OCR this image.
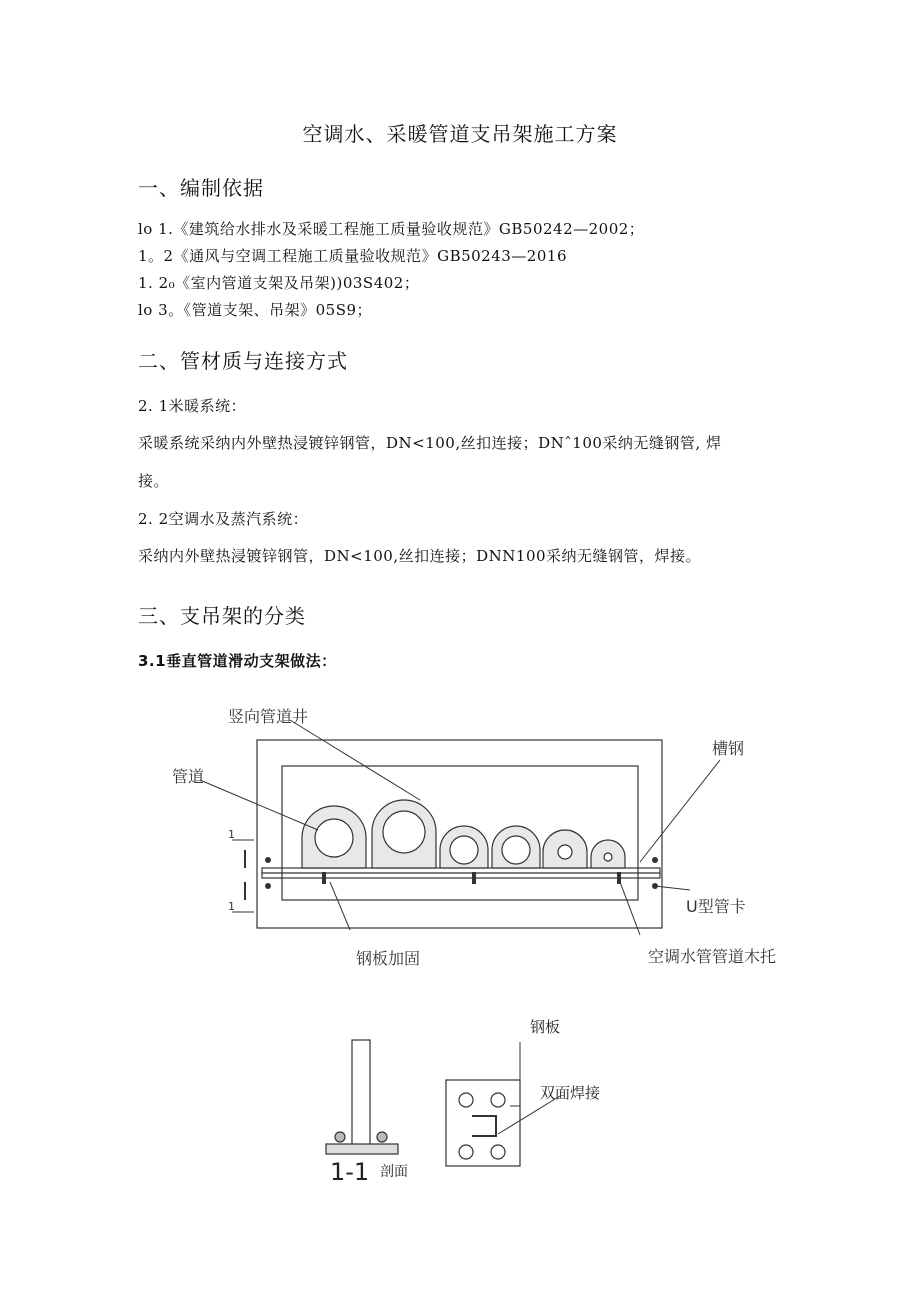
空调水、采暖管道支吊架施工方案
一、编制依据
lo 1.《建筑给水排水及采暖工程施工质量验收规范》GB50242—2002；
1。2《通风与空调工程施工质量验收规范》GB50243—2016
1. 2₀《室内管道支架及吊架))03S402；
lo 3。《管道支架、吊架》05S9；
二、管材质与连接方式
2. 1米暖系统：
采暖系统采纳内外壁热浸镀锌钢管，DN<100,丝扣连接；DNˆ100采纳无缝钢管, 焊
接。
2. 2空调水及蒸汽系统：
采纳内外壁热浸镀锌钢管，DN<100,丝扣连接；DNN100采纳无缝钢管，焊接。
三、支吊架的分类
3.1垂直管道滑动支架做法：
1
1
竖向管道井
管道
槽钢
U型管卡
钢板加固	空调水管管道木托
1-1 剖面
钢板
双面焊接
